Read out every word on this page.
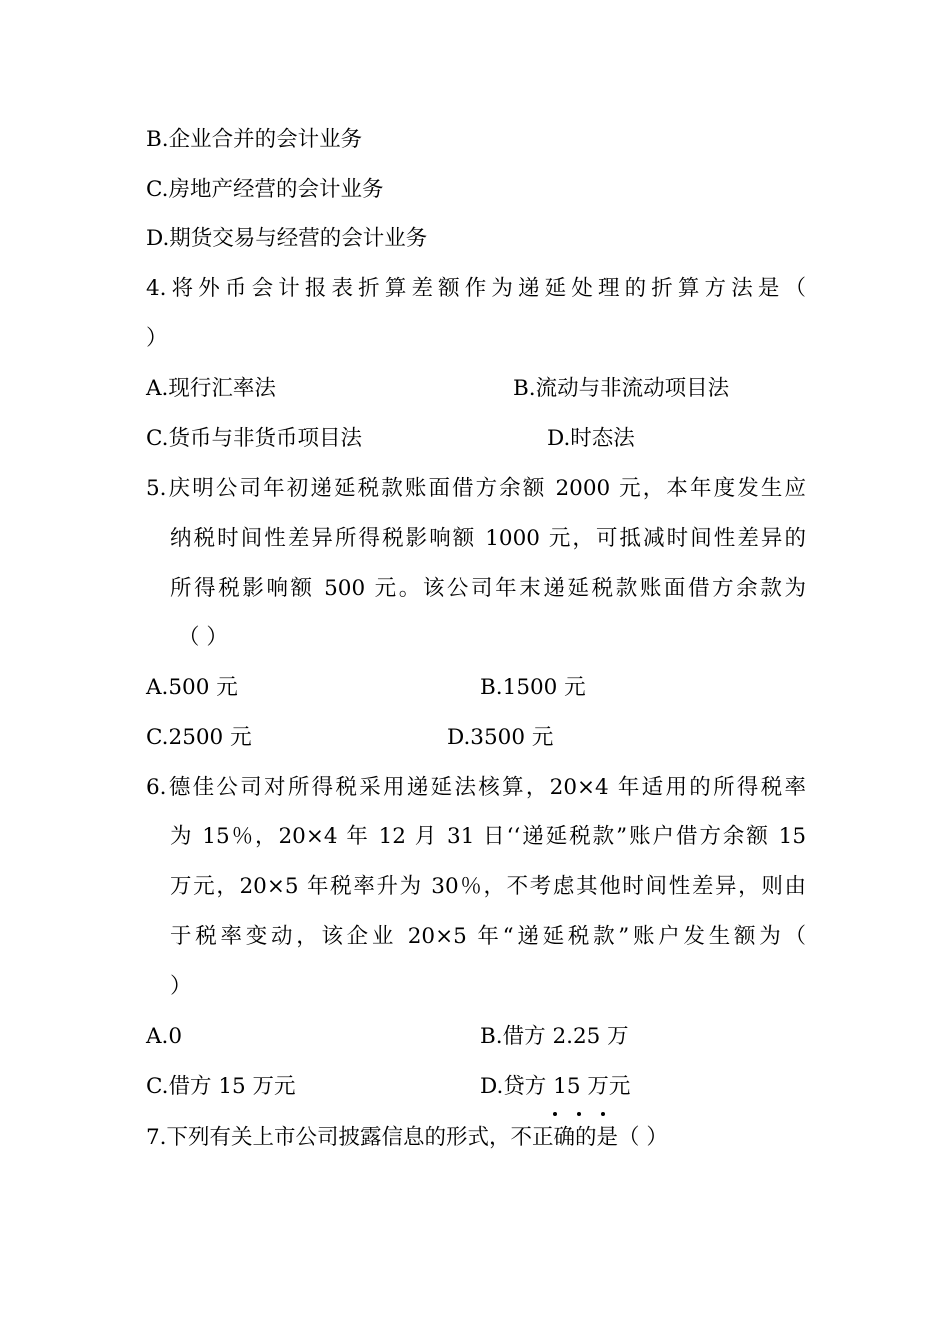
B.企业合并的会计业务
C.房地产经营的会计业务
D.期货交易与经营的会计业务
4.将外币会计报表折算差额作为递延处理的折算方法是（
）
A.现行汇率法	B.流动与非流动项目法
C.货币与非货币项目法	D.时态法
5.庆明公司年初递延税款账面借方余额 2000 元，本年度发生应
纳税时间性差异所得税影响额 1000 元，可抵减时间性差异的
所得税影响额 500 元。该公司年末递延税款账面借方余款为
（ ）
A.500 元	B.1500 元
C.2500 元	D.3500 元
6.德佳公司对所得税采用递延法核算，20×4 年适用的所得税率
为 15％，20×4 年 12 月 31 日‘‘递延税款”账户借方余额 15
万元，20×5 年税率升为 30％，不考虑其他时间性差异，则由
于税率变动，该企业 20×5 年“递延税款”账户发生额为（
）
A.0	B.借方 2.25 万
C.借方 15 万元	D.贷方 15 万元
7.下列有关上市公司披露信息的形式，不正确的是（ ）
